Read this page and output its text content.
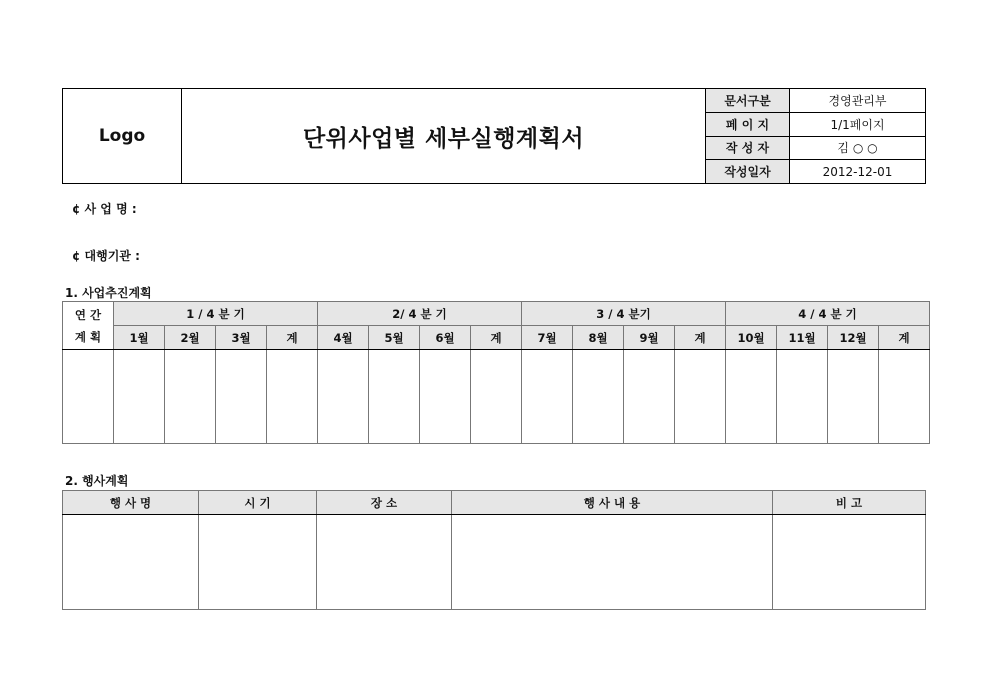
Logo	단위사업별 세부실행계획서	문서구분	경영관리부
		페 이 지	1/1페이지
		작 성 자	김 ○ ○
		작성일자	2012-12-01
¢ 사 업 명 :
¢ 대행기관 :
1. 사업추진계획
연 간
계 획	1 / 4 분 기				2/ 4 분 기				3 / 4 분기				4 / 4 분 기			
	1월	2월	3월	계	4월	5월	6월	계	7월	8월	9월	계	10월	11월	12월	계

2. 행사계획
행 사 명	시 기	장 소	행 사 내 용	비 고
